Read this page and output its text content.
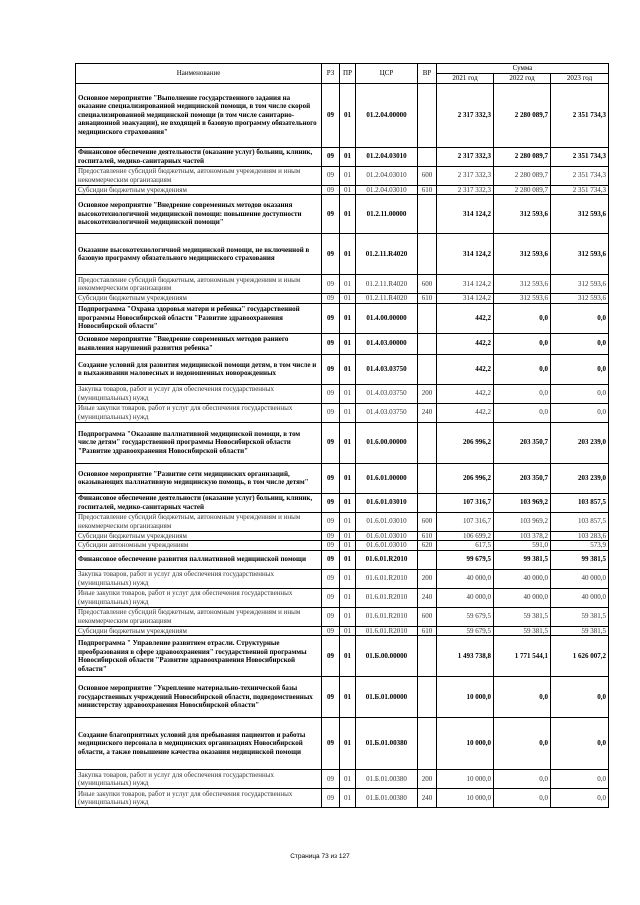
Наименование	РЗ	ПР	ЦСР	ВР	Сумма		
					2021 год	2022 год	2023 год
Основное мероприятие "Выполнение государственного задания на оказание специализированной медицинской помощи, в том числе скорой специализированной медицинской помощи (в том числе санитарно-авиационной эвакуации), не входящей в базовую программу обязательного медицинского страхования"	09	01	01.2.04.00000		2 317 332,3	2 280 089,7	2 351 734,3
Финансовое обеспечение деятельности (оказание услуг) больниц, клиник, госпиталей, медико-санитарных частей	09	01	01.2.04.03010		2 317 332,3	2 280 089,7	2 351 734,3
Предоставление субсидий бюджетным, автономным учреждениям и иным некоммерческим организациям	09	01	01.2.04.03010	600	2 317 332,3	2 280 089,7	2 351 734,3
Субсидии бюджетным учреждениям	09	01	01.2.04.03010	610	2 317 332,3	2 280 089,7	2 351 734,3
Основное мероприятие "Внедрение современных методов оказания высокотехнологичной медицинской помощи: повышение доступности высокотехнологичной медицинской помощи"	09	01	01.2.11.00000		314 124,2	312 593,6	312 593,6
Оказание высокотехнологичной медицинской помощи, не включенной в базовую программу обязательного медицинского страхования	09	01	01.2.11.R4020		314 124,2	312 593,6	312 593,6
Предоставление субсидий бюджетным, автономным учреждениям и иным некоммерческим организациям	09	01	01.2.11.R4020	600	314 124,2	312 593,6	312 593,6
Субсидии бюджетным учреждениям	09	01	01.2.11.R4020	610	314 124,2	312 593,6	312 593,6
Подпрограмма "Охрана здоровья матери и ребенка" государственной программы Новосибирской области "Развитие здравоохранения Новосибирской области"	09	01	01.4.00.00000		442,2	0,0	0,0
Основное мероприятие "Внедрение современных методов раннего выявления нарушений развития ребенка"	09	01	01.4.03.00000		442,2	0,0	0,0
Создание условий для развития медицинской помощи детям, в том числе и в выхаживании маловесных и недоношенных новорожденных	09	01	01.4.03.03750		442,2	0,0	0,0
Закупка товаров, работ и услуг для обеспечения государственных (муниципальных) нужд	09	01	01.4.03.03750	200	442,2	0,0	0,0
Иные закупки товаров, работ и услуг для обеспечения государственных (муниципальных) нужд	09	01	01.4.03.03750	240	442,2	0,0	0,0
Подпрограмма "Оказание паллиативной медицинской помощи, в том числе детям" государственной программы Новосибирской области "Развитие здравоохранения Новосибирской области"	09	01	01.6.00.00000		206 996,2	203 350,7	203 239,0
Основное мероприятие "Развитие сети медицинских организаций, оказывающих паллиативную медицинскую помощь, в том числе детям"	09	01	01.6.01.00000		206 996,2	203 350,7	203 239,0
Финансовое обеспечение деятельности (оказание услуг) больниц, клиник, госпиталей, медико-санитарных частей	09	01	01.6.01.03010		107 316,7	103 969,2	103 857,5
Предоставление субсидий бюджетным, автономным учреждениям и иным некоммерческим организациям	09	01	01.6.01.03010	600	107 316,7	103 969,2	103 857,5
Субсидии бюджетным учреждениям	09	01	01.6.01.03010	610	106 699,2	103 378,2	103 283,6
Субсидии автономным учреждениям	09	01	01.6.01.03010	620	617,5	591,0	573,9
Финансовое обеспечение развития паллиативной медицинской помощи	09	01	01.6.01.R2010		99 679,5	99 381,5	99 381,5
Закупка товаров, работ и услуг для обеспечения государственных (муниципальных) нужд	09	01	01.6.01.R2010	200	40 000,0	40 000,0	40 000,0
Иные закупки товаров, работ и услуг для обеспечения государственных (муниципальных) нужд	09	01	01.6.01.R2010	240	40 000,0	40 000,0	40 000,0
Предоставление субсидий бюджетным, автономным учреждениям и иным некоммерческим организациям	09	01	01.6.01.R2010	600	59 679,5	59 381,5	59 381,5
Субсидии бюджетным учреждениям	09	01	01.6.01.R2010	610	59 679,5	59 381,5	59 381,5
Подпрограмма " Управление развитием отрасли. Структурные преобразования в сфере здравоохранения" государственной программы Новосибирской области "Развитие здравоохранения Новосибирской области"	09	01	01.Б.00.00000		1 493 738,8	1 771 544,1	1 626 007,2
Основное мероприятие "Укрепление материально-технической базы государственных учреждений Новосибирской области, подведомственных министерству здравоохранения Новосибирской области"	09	01	01.Б.01.00000		10 000,0	0,0	0,0
Создание благоприятных условий для пребывания пациентов и работы медицинского персонала в медицинских организациях Новосибирской области, а также повышение качества оказания медицинской помощи	09	01	01.Б.01.00380		10 000,0	0,0	0,0
Закупка товаров, работ и услуг для обеспечения государственных (муниципальных) нужд	09	01	01.Б.01.00380	200	10 000,0	0,0	0,0
Иные закупки товаров, работ и услуг для обеспечения государственных (муниципальных) нужд	09	01	01.Б.01.00380	240	10 000,0	0,0	0,0
Страница 73 из 127
